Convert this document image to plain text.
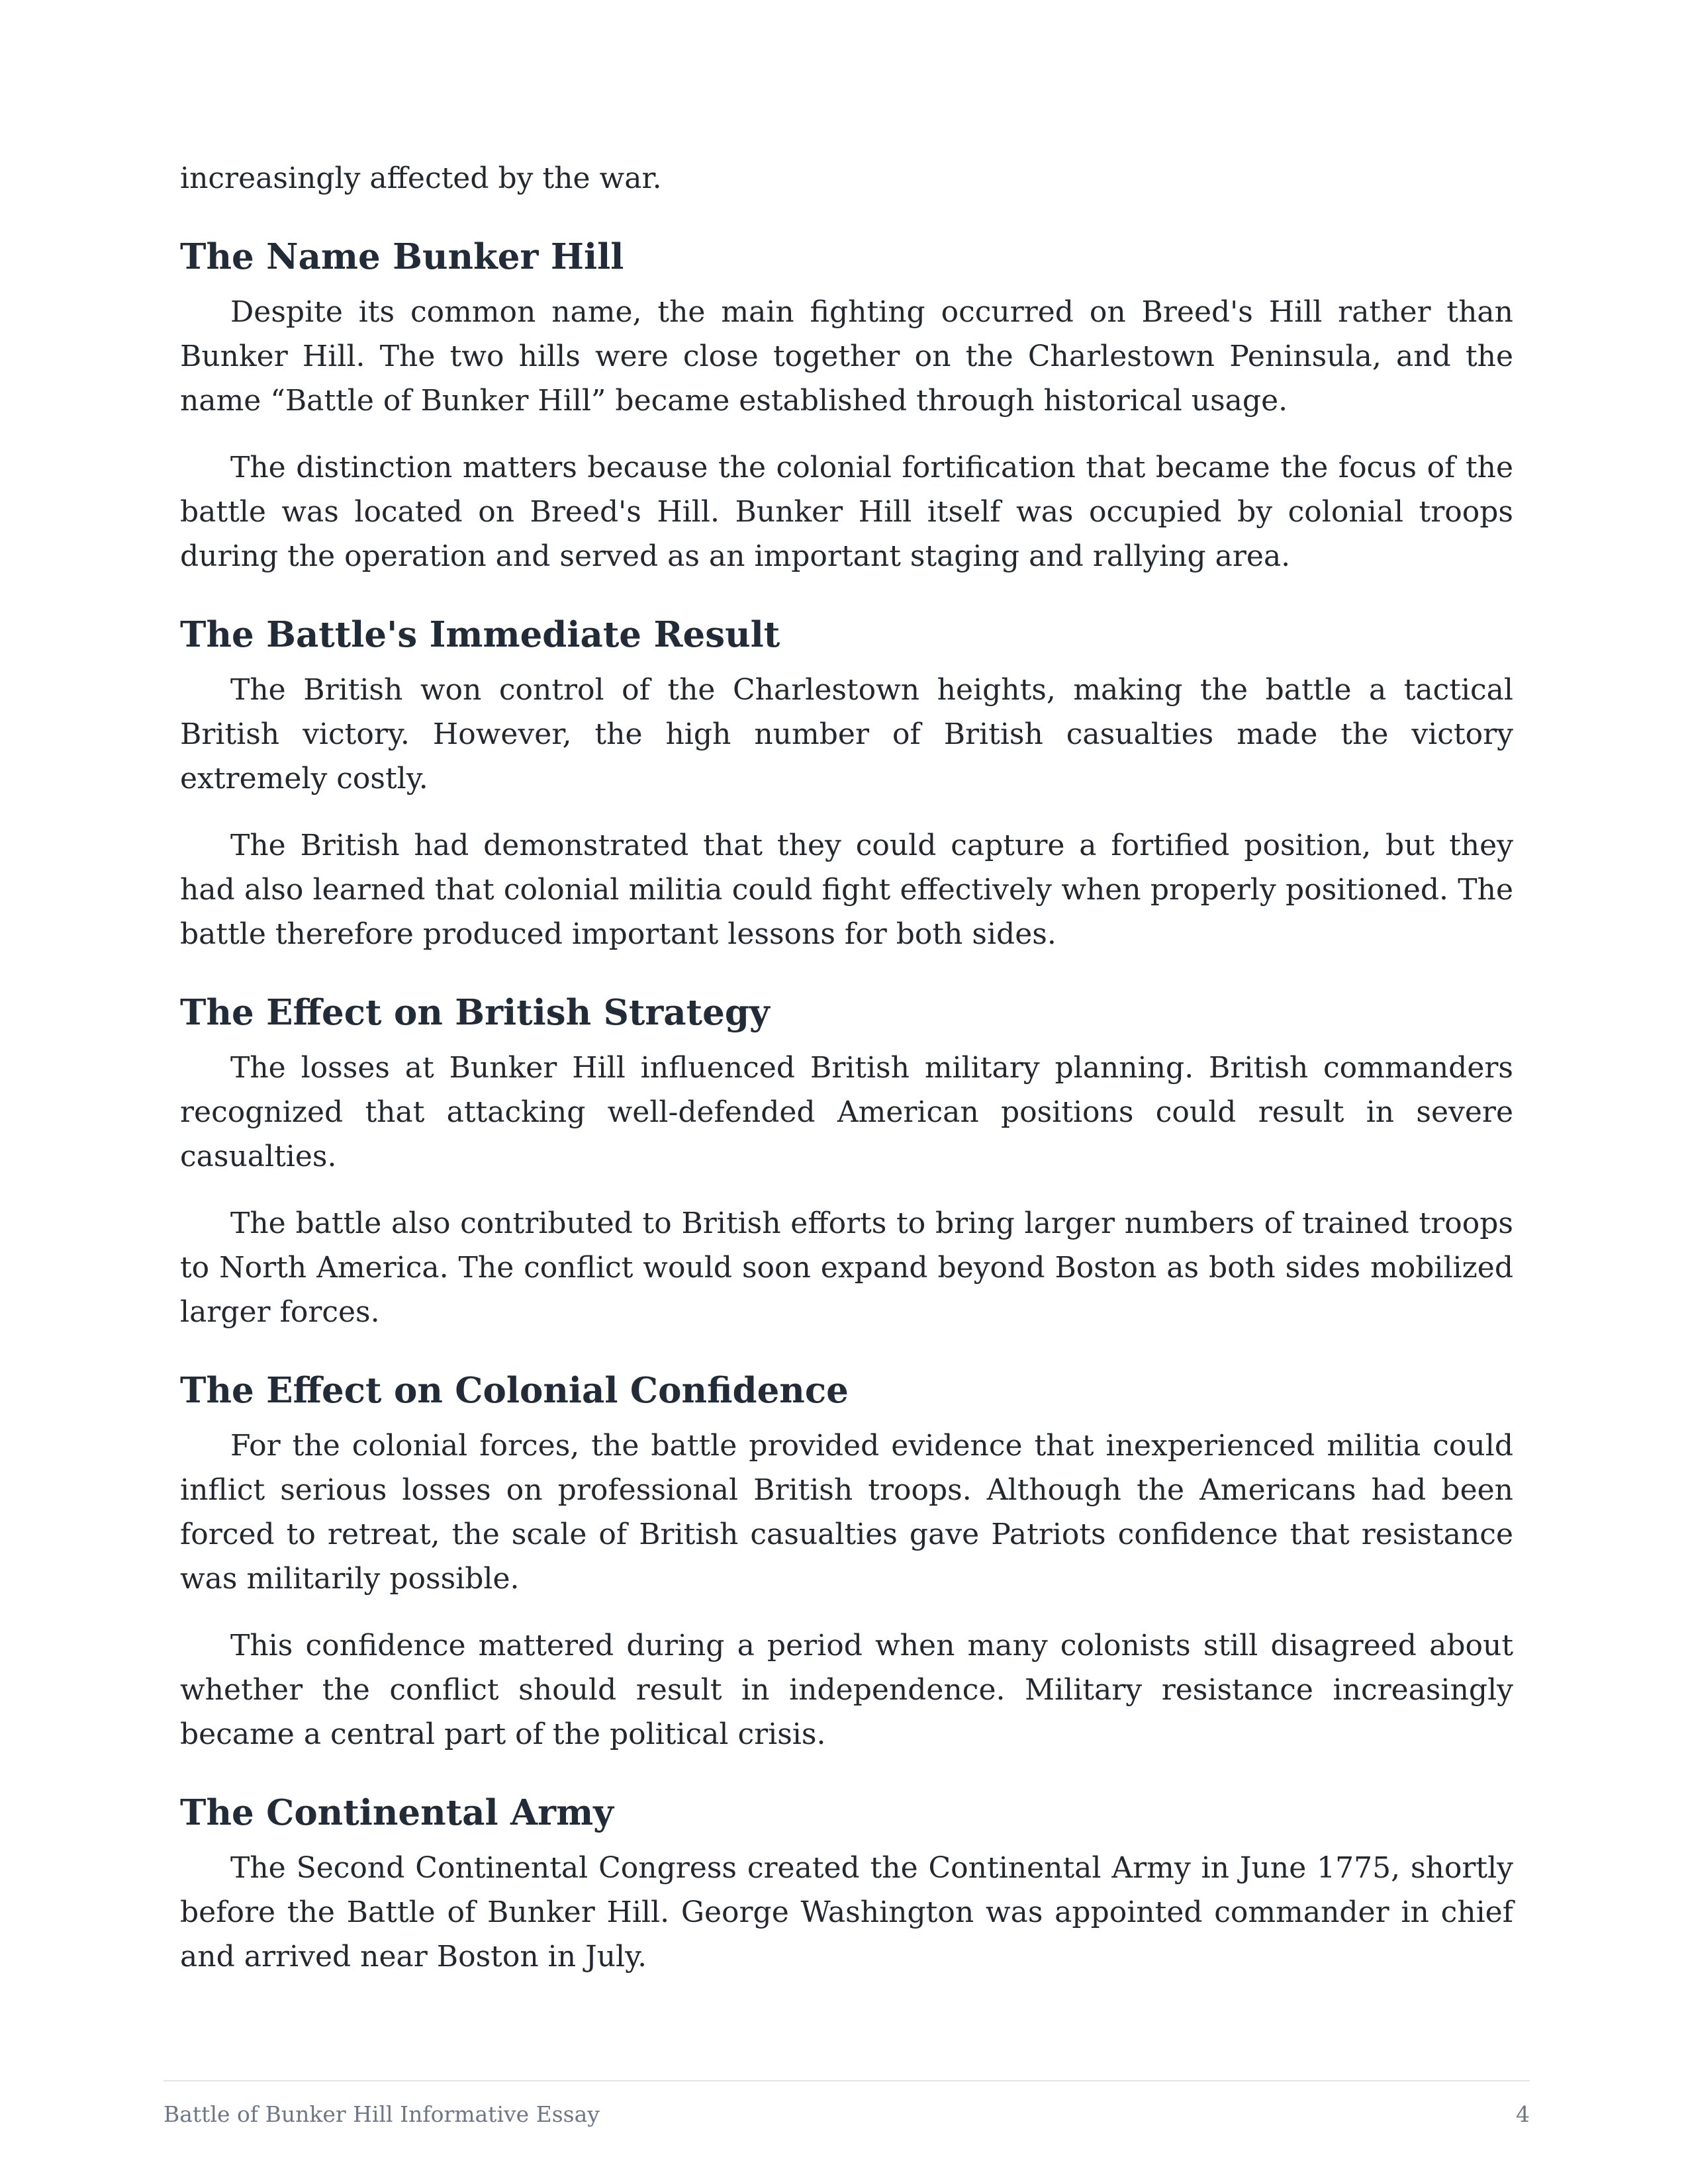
increasingly affected by the war.

The Name Bunker Hill

Despite its common name, the main fighting occurred on Breed's Hill rather than Bunker Hill. The two hills were close together on the Charlestown Peninsula, and the name “Battle of Bunker Hill” became established through historical usage.

The distinction matters because the colonial fortification that became the focus of the battle was located on Breed's Hill. Bunker Hill itself was occupied by colonial troops during the operation and served as an important staging and rallying area.

The Battle's Immediate Result

The British won control of the Charlestown heights, making the battle a tactical British victory. However, the high number of British casualties made the victory extremely costly.

The British had demonstrated that they could capture a fortified position, but they had also learned that colonial militia could fight effectively when properly positioned. The battle therefore produced important lessons for both sides.

The Effect on British Strategy

The losses at Bunker Hill influenced British military planning. British commanders recognized that attacking well-defended American positions could result in severe casualties.

The battle also contributed to British efforts to bring larger numbers of trained troops to North America. The conflict would soon expand beyond Boston as both sides mobilized larger forces.

The Effect on Colonial Confidence

For the colonial forces, the battle provided evidence that inexperienced militia could inflict serious losses on professional British troops. Although the Americans had been forced to retreat, the scale of British casualties gave Patriots confidence that resistance was militarily possible.

This confidence mattered during a period when many colonists still disagreed about whether the conflict should result in independence. Military resistance increasingly became a central part of the political crisis.

The Continental Army

The Second Continental Congress created the Continental Army in June 1775, shortly before the Battle of Bunker Hill. George Washington was appointed commander in chief and arrived near Boston in July.

Battle of Bunker Hill Informative Essay	4
